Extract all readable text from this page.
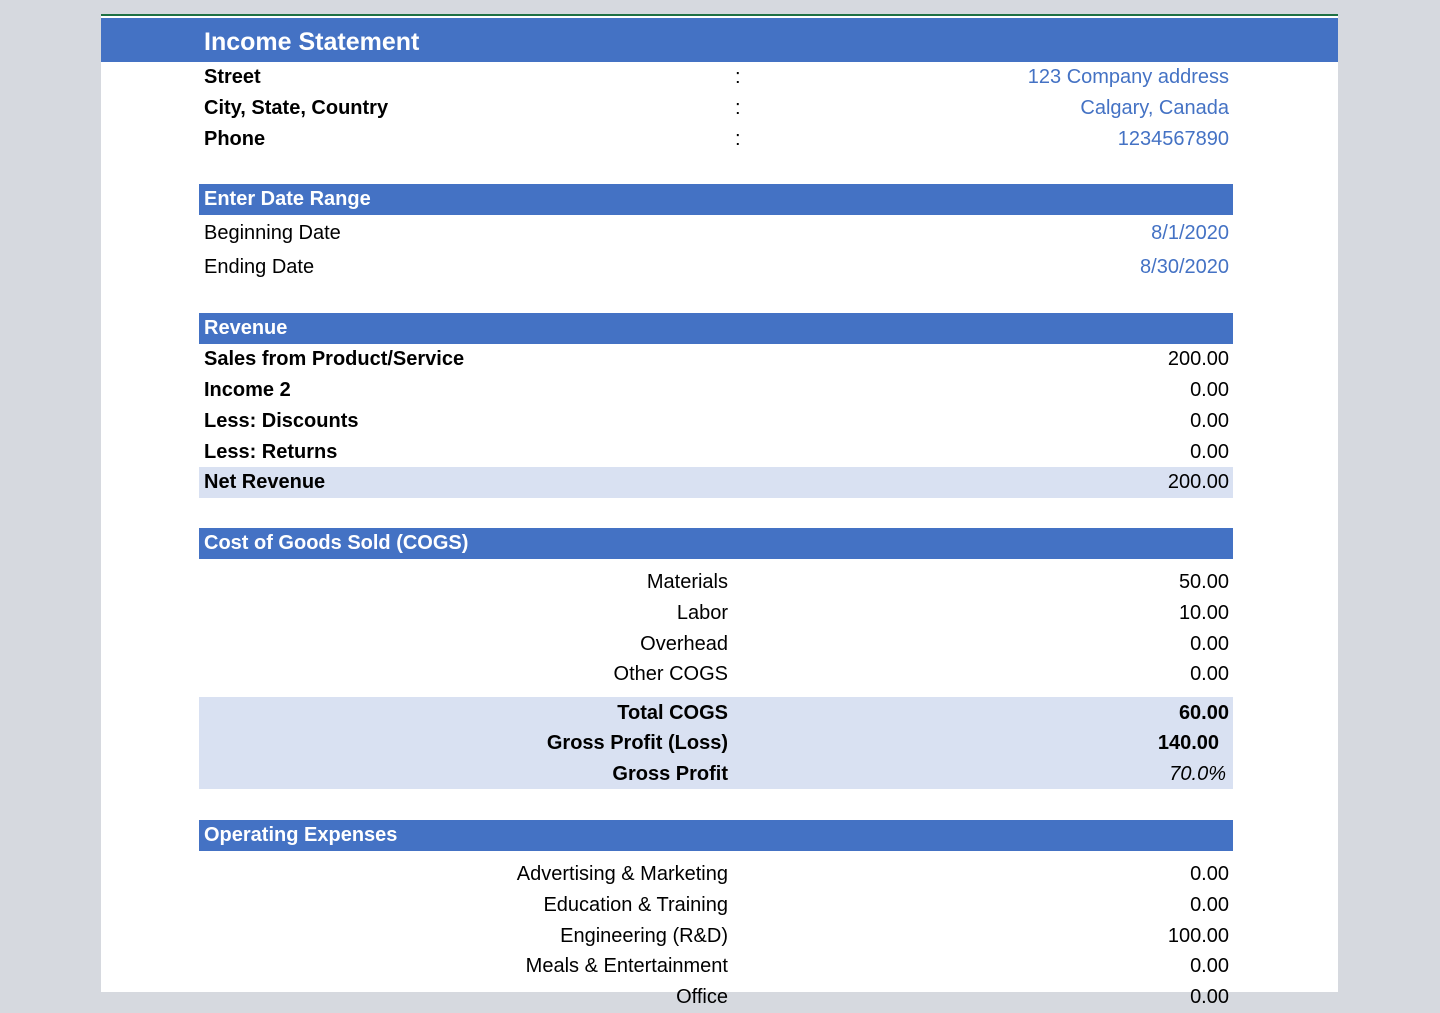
Income Statement
Street	:	123 Company address
City, State, Country	:	Calgary, Canada
Phone	:	1234567890
Enter Date Range
Beginning Date	8/1/2020
Ending Date	8/30/2020
Revenue
Sales from Product/Service	200.00
Income 2	0.00
Less: Discounts	0.00
Less: Returns	0.00
Net Revenue	200.00
Cost of Goods Sold (COGS)
Materials	50.00
Labor	10.00
Overhead	0.00
Other COGS	0.00
Total COGS	60.00
Gross Profit (Loss)	140.00
Gross Profit	70.0%
Operating Expenses
Advertising & Marketing	0.00
Education & Training	0.00
Engineering (R&D)	100.00
Meals & Entertainment	0.00
Office	0.00
